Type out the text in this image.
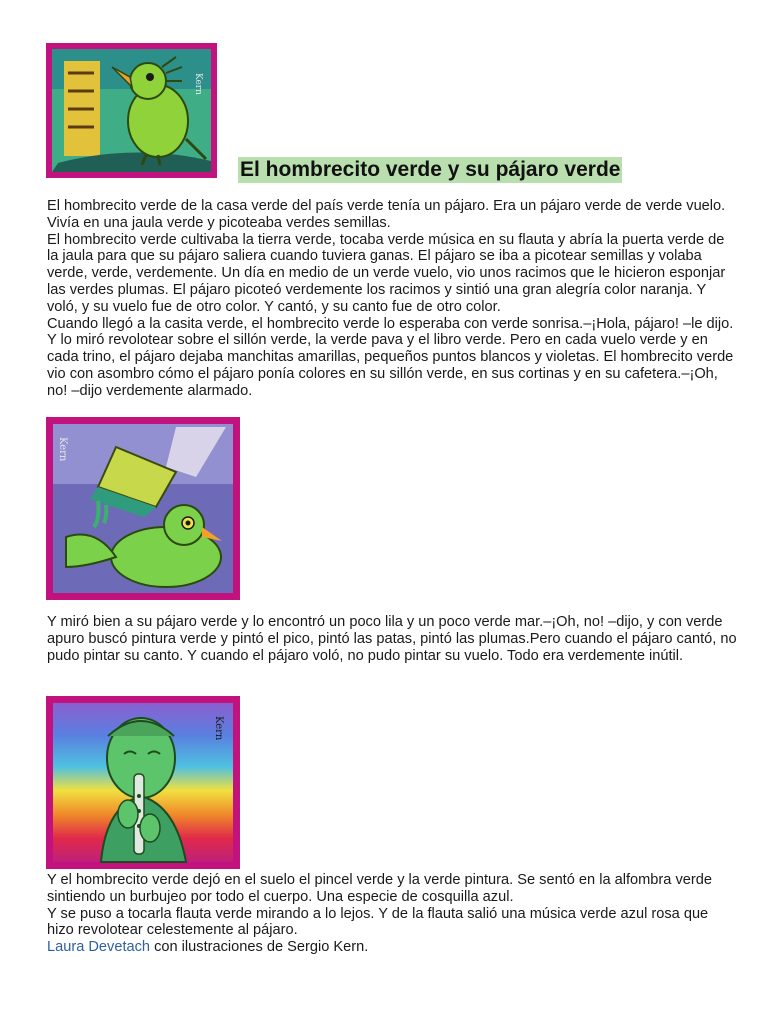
Kern
El hombrecito verde y su pájaro verde

El hombrecito verde de la casa verde del país verde tenía un pájaro. Era un pájaro verde de verde vuelo. Vivía en una jaula verde y picoteaba verdes semillas.

El hombrecito verde cultivaba la tierra verde, tocaba verde música en su flauta y abría la puerta verde de la jaula para que su pájaro saliera cuando tuviera ganas. El pájaro se iba a picotear semillas y volaba verde, verde, verdemente. Un día en medio de un verde vuelo, vio unos racimos que le hicieron esponjar las verdes plumas. El pájaro picoteó verdemente los racimos y sintió una gran alegría color naranja. Y voló, y su vuelo fue de otro color. Y cantó, y su canto fue de otro color.

Cuando llegó a la casita verde, el hombrecito verde lo esperaba con verde sonrisa.–¡Hola, pájaro! –le dijo. Y lo miró revolotear sobre el sillón verde, la verde pava y el libro verde. Pero en cada vuelo verde y en cada trino, el pájaro dejaba manchitas amarillas, pequeños puntos blancos y violetas. El hombrecito verde vio con asombro cómo el pájaro ponía colores en su sillón verde, en sus cortinas y en su cafetera.–¡Oh, no! –dijo verdemente alarmado.

Kern

Y miró bien a su pájaro verde y lo encontró un poco lila y un poco verde mar.–¡Oh, no! –dijo, y con verde apuro buscó pintura verde y pintó el pico, pintó las patas, pintó las plumas.Pero cuando el pájaro cantó, no pudo pintar su canto. Y cuando el pájaro voló, no pudo pintar su vuelo. Todo era verdemente inútil.

Kern

Y el hombrecito verde dejó en el suelo el pincel verde y la verde pintura. Se sentó en la alfombra verde sintiendo un burbujeo por todo el cuerpo. Una especie de cosquilla azul.

Y se puso a tocarla flauta verde mirando a lo lejos. Y de la flauta salió una música verde azul rosa que hizo revolotear celestemente al pájaro.

Laura Devetach con ilustraciones de Sergio Kern.
